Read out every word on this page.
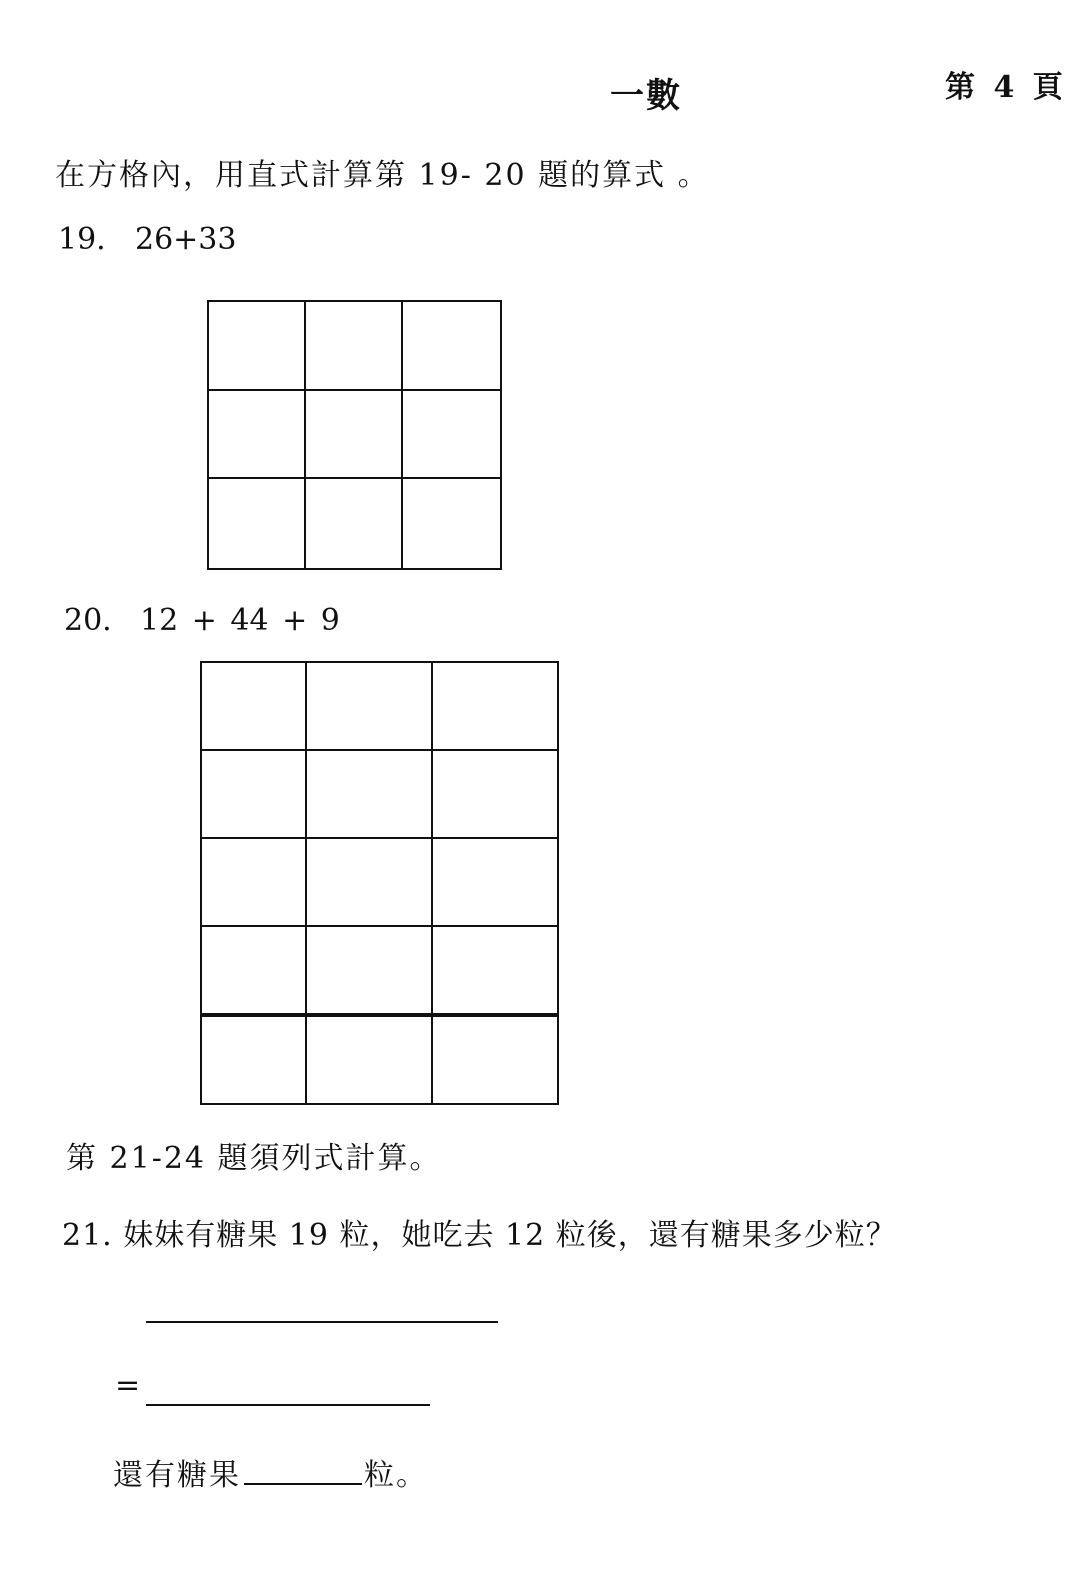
一數	第 4 頁
在方格內，用直式計算第 19- 20 題的算式 。
19. 26+33
20. 12 + 44 + 9
第 21-24 題須列式計算。
21. 妹妹有糖果 19 粒，她吃去 12 粒後，還有糖果多少粒？
=
還有糖果	粒。
